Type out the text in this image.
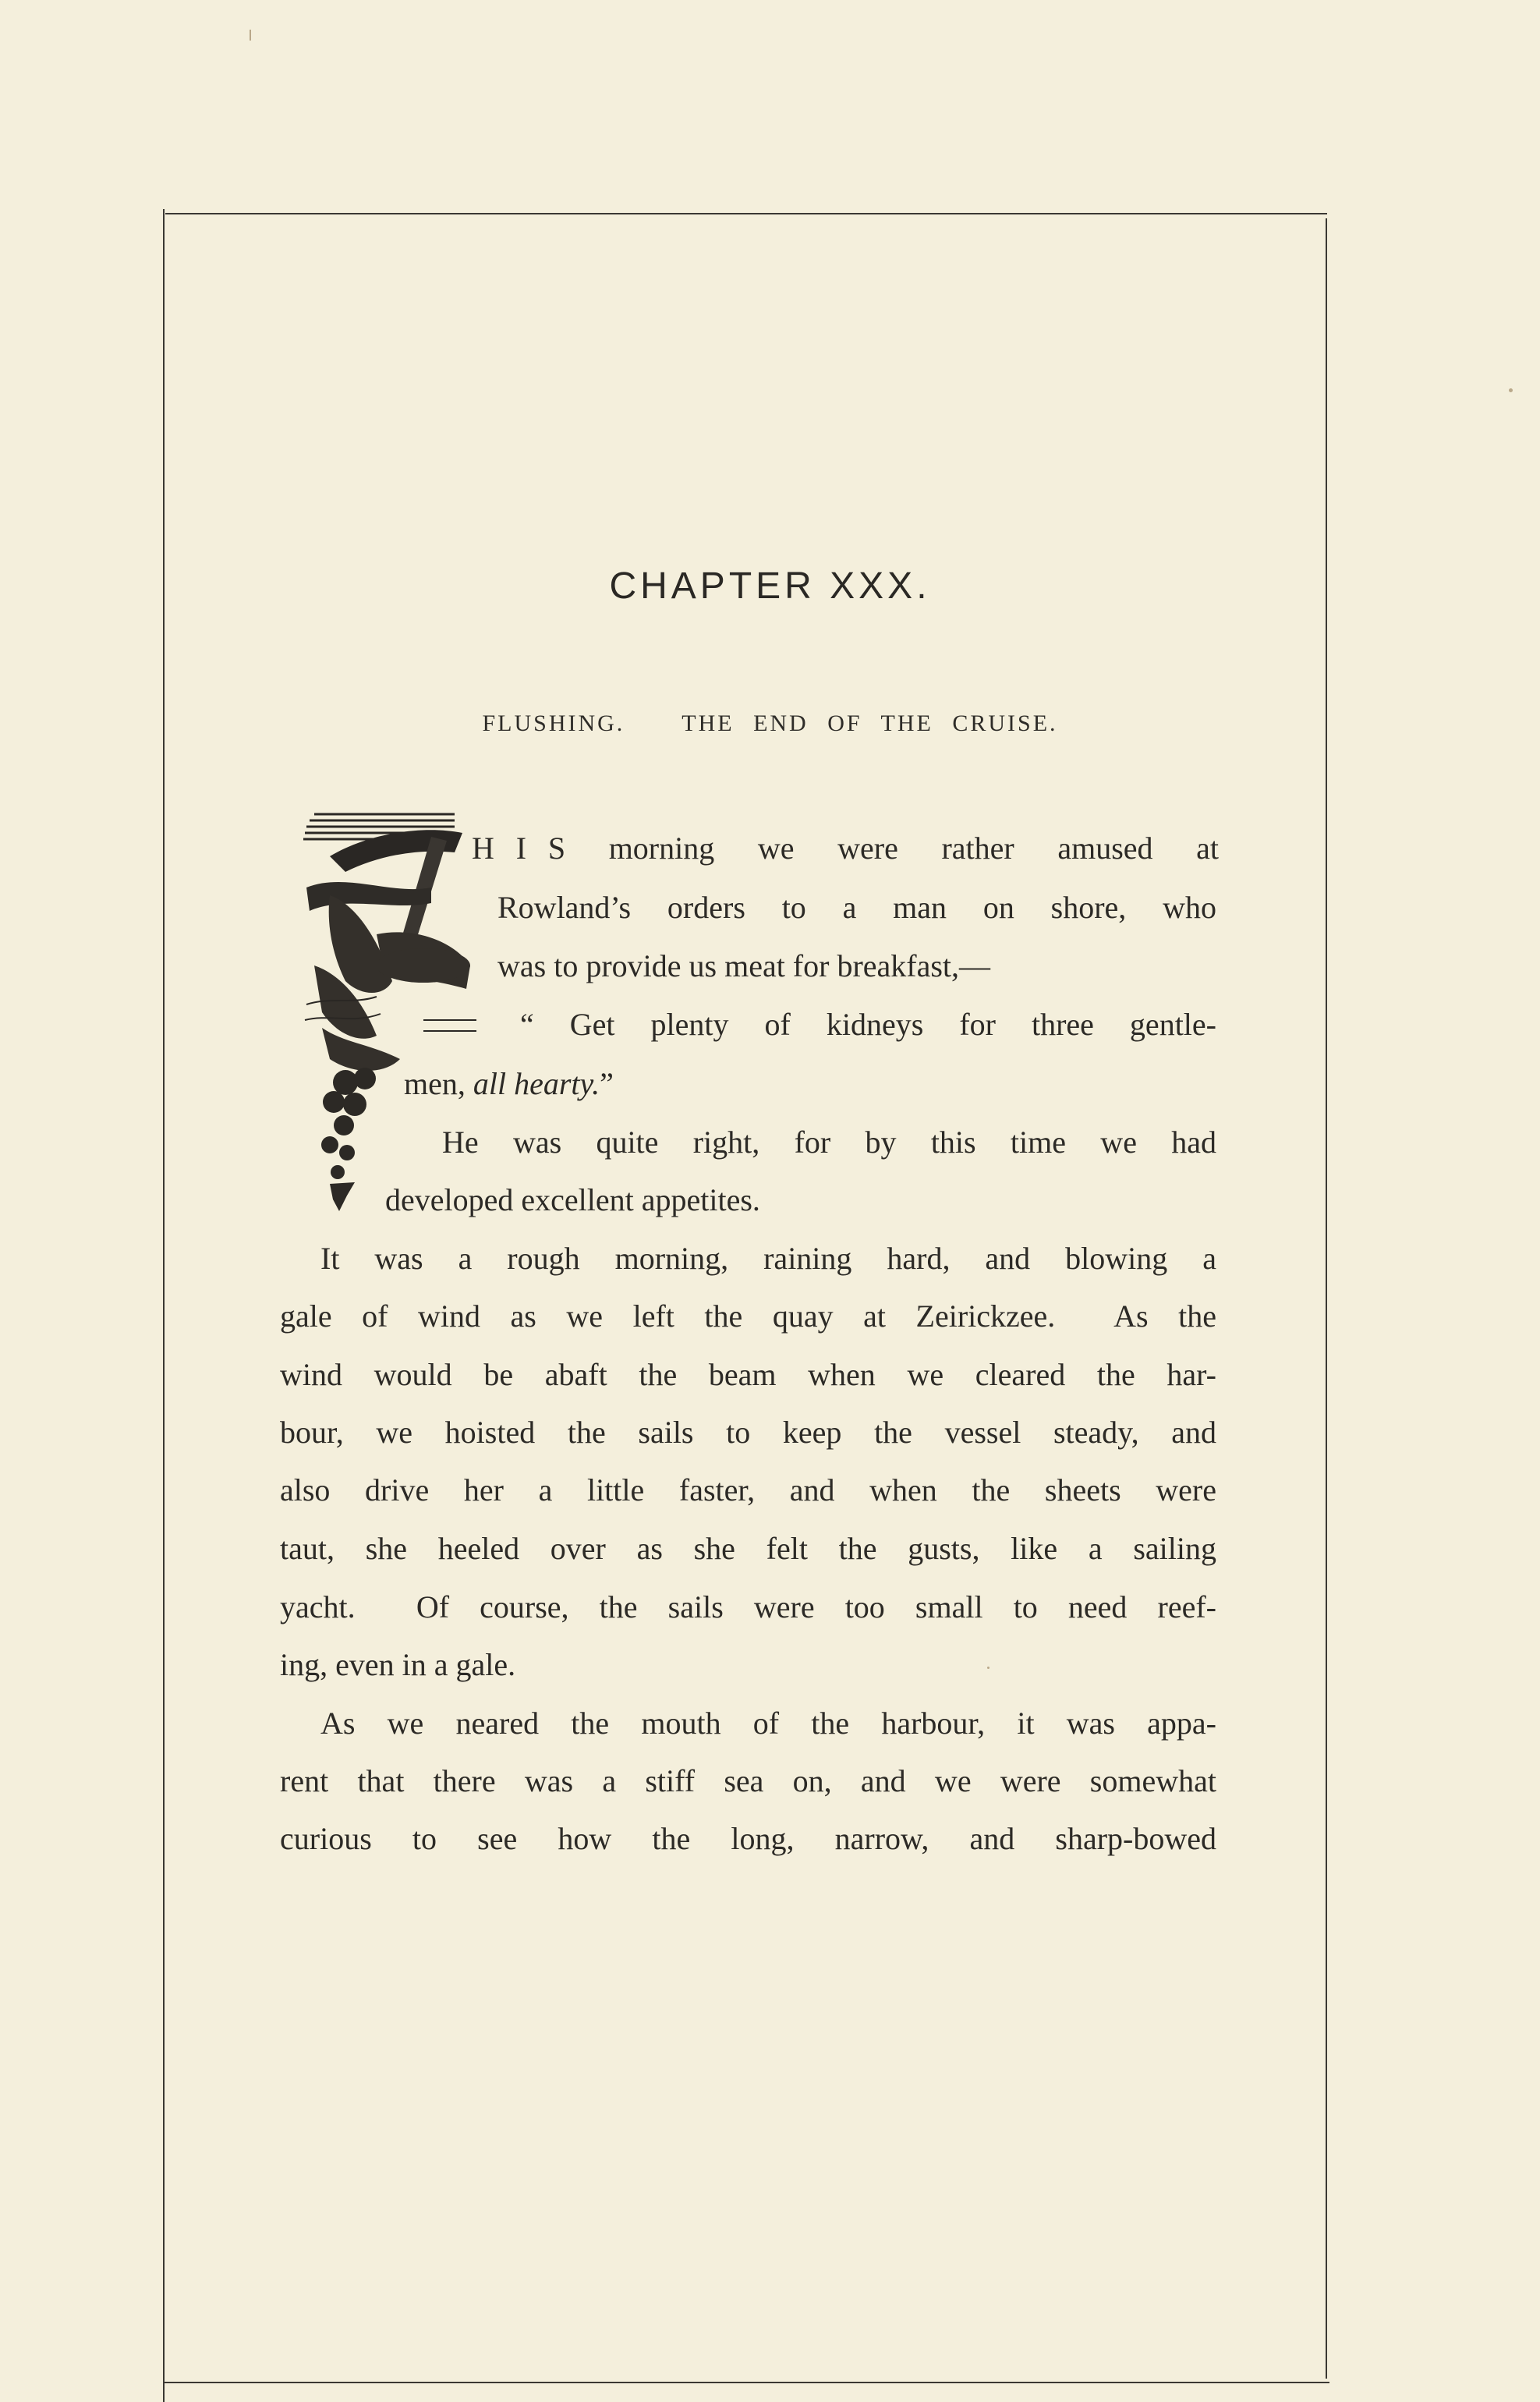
CHAPTER XXX.
FLUSHING.   THE END OF THE CRUISE.
H I S  morning  we  were  rather  amused  at
Rowland’s orders to a man on shore, who
was to provide us meat for breakfast,—
“ Get plenty of kidneys for three gentle-
men, all hearty.”
He was quite right, for by this time we had
developed excellent appetites.
It was a rough morning, raining hard, and blowing a
gale of wind as we left the quay at Zeirickzee.  As the
wind would be abaft the beam when we cleared the har-
bour, we hoisted the sails to keep the vessel steady, and
also drive her a little faster, and when the sheets were
taut, she heeled over as she felt the gusts, like a sailing
yacht.  Of course, the sails were too small to need reef-
ing, even in a gale.
As we neared the mouth of the harbour, it was appa-
rent that there was a stiff sea on, and we were somewhat
curious to see how the long, narrow, and sharp-bowed
